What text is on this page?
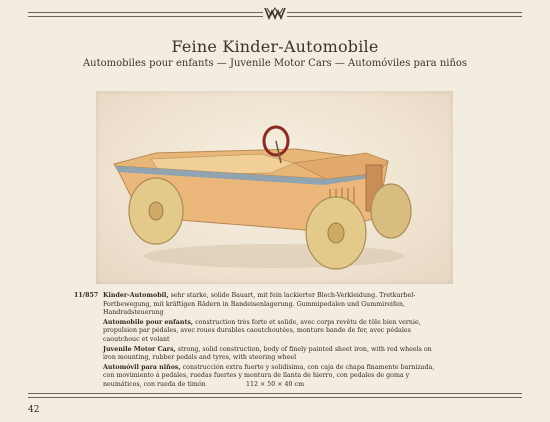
Feine Kinder-Automobile
Automobiles pour enfants — Juvenile Motor Cars — Automóviles para niños
11/857 Kinder-Automobil, sehr starke, solide Bauart, mit fein lackierter Blech-Verkleidung. Tretkurbel-Fortbewegung, mit kräftigen Rädern in Bandeisenlagerung. Gummipedalen und Gummireifen, Handradsteuerung

Automobile pour enfants, construction très forte et solide, avec corps revêtu de tôle bien vernie, propulsion par pédales, avec roues durables caoutchoutées, monture bande de fer, avec pédales caoutchouc et volant

Juvenile Motor Cars, strong, solid construction, body of finely painted sheet iron, with red wheels on iron mounting, rubber pedals and tyres, with steering wheel

Automóvil para niños, construcción extra fuerte y solidísima, con caja de chapa finamente barnizada, con movimiento á pedales, ruedas fuertes y montura de llanta de hierro, con pedales de goma y neumáticos, con rueda de timón	112 × 50 × 40 cm
42
